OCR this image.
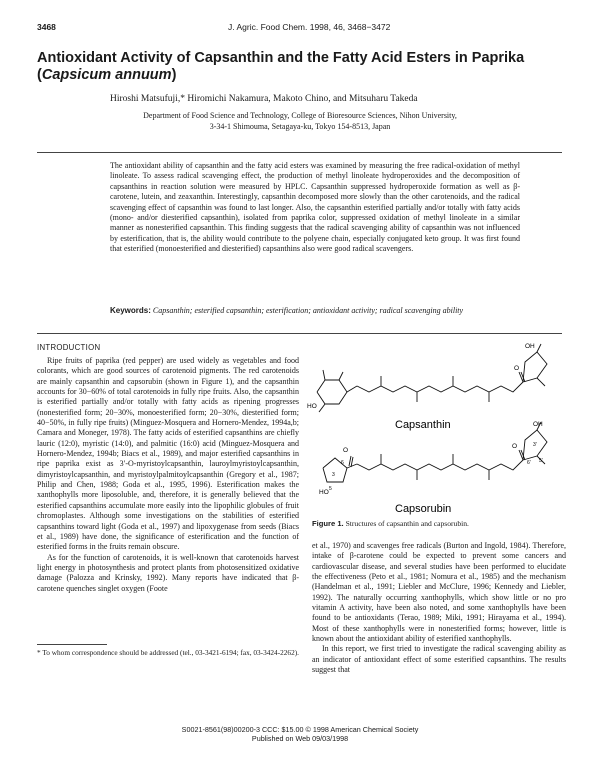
3468	J. Agric. Food Chem. 1998, 46, 3468−3472
Antioxidant Activity of Capsanthin and the Fatty Acid Esters in Paprika (Capsicum annuum)
Hiroshi Matsufuji,* Hiromichi Nakamura, Makoto Chino, and Mitsuharu Takeda
Department of Food Science and Technology, College of Bioresource Sciences, Nihon University,
3-34-1 Shimouma, Setagaya-ku, Tokyo 154-8513, Japan
The antioxidant ability of capsanthin and the fatty acid esters was examined by measuring the free radical-oxidation of methyl linoleate. To assess radical scavenging effect, the production of methyl linoleate hydroperoxides and the decomposition of capsanthins in reaction solution were measured by HPLC. Capsanthin suppressed hydroperoxide formation as well as β-carotene, lutein, and zeaxanthin. Interestingly, capsanthin decomposed more slowly than the other carotenoids, and the radical scavenging effect of capsanthin was found to last longer. Also, the capsanthin esterified partially and/or totally with fatty acids (mono- and/or diesterified capsanthin), isolated from paprika color, suppressed oxidation of methyl linoleate in a similar manner as nonesterified capsanthin. This finding suggests that the radical scavenging ability of capsanthin was not influenced by esterification, that is, the ability would contribute to the polyene chain, especially conjugated keto group. It was first found that esterified (monoesterified and diesterified) capsanthins also were good radical scavengers.
Keywords: Capsanthin; esterified capsanthin; esterification; antioxidant activity; radical scavenging ability
INTRODUCTION

Ripe fruits of paprika (red pepper) are used widely as vegetables and food colorants, which are good sources of carotenoid pigments. The red carotenoids are mainly capsanthin and capsorubin (shown in Figure 1), and the capsanthin accounts for 30−60% of total carotenoids in fully ripe fruits. Also, the capsanthin is esterified partially and/or totally with fatty acids as ripening progresses (nonesterified form; 20−30%, monoesterified form; 20−30%, diesterified form; 40−50%, in fully ripe fruits) (Minguez-Mosquera and Hornero-Mendez, 1994a,b; Camara and Moneger, 1978). The fatty acids of esterified capsanthins are chiefly lauric (12:0), myristic (14:0), and palmitic (16:0) acid (Minguez-Mosquera and Hornero-Mendez, 1994b; Biacs et al., 1989), and major esterified capsanthins in ripe paprika exist as 3′-O-myristoylcapsanthin, lauroylmyristoylcapsanthin, dimyristoylcapsanthin, and myristoylpalmitoylcapsanthin (Gregory et al., 1987; Philip and Chen, 1988; Goda et al., 1995, 1996). Esterification makes the xanthophylls more liposoluble, and, therefore, it is generally believed that the esterified capsanthins accumulate more easily into the lipophilic globules of fruit chromoplastes. Although some investigations on the stabilities of esterified capsanthins toward light (Goda et al., 1997) and lipoxygenase from seeds (Biacs et al., 1989) have done, the significance of esterification and the function of esterified forms in the fruits remain obscure.

As for the function of carotenoids, it is well-known that carotenoids harvest light energy in photosynthesis and protect plants from photosensitized oxidative damage (Palozza and Krinsky, 1992). Many reports have indicated that β-carotene quenches singlet oxygen (Foote

* To whom correspondence should be addressed (tel., 03-3421-6194; fax, 03-3424-2262).
OH
HO
O
Capsanthin	OH
O
HO
O
3
3′
6	6′
5
5′
Capsorubin
Figure 1. Structures of capsanthin and capsorubin.

et al., 1970) and scavenges free radicals (Burton and Ingold, 1984). Therefore, intake of β-carotene could be expected to prevent some cancers and cardiovascular disease, and several studies have been performed to elucidate the effectiveness (Peto et al., 1981; Nomura et al., 1985) and the mechanism (Handelman et al., 1991; Liebler and McClure, 1996; Kennedy and Liebler, 1992). The naturally occurring xanthophylls, which show little or no pro vitamin A activity, have been also noted, and some xanthophylls have been found to be antioxidants (Terao, 1989; Miki, 1991; Hirayama et al., 1994). Most of these xanthophylls were in nonesterified forms; however, little is known about the antioxidant ability of esterified xanthophylls.

In this report, we first tried to investigate the radical scavenging ability as an indicator of antioxidant effect of some esterified capsanthins. The results suggest that

S0021-8561(98)00200-3 CCC: $15.00 © 1998 American Chemical Society
Published on Web 09/03/1998
